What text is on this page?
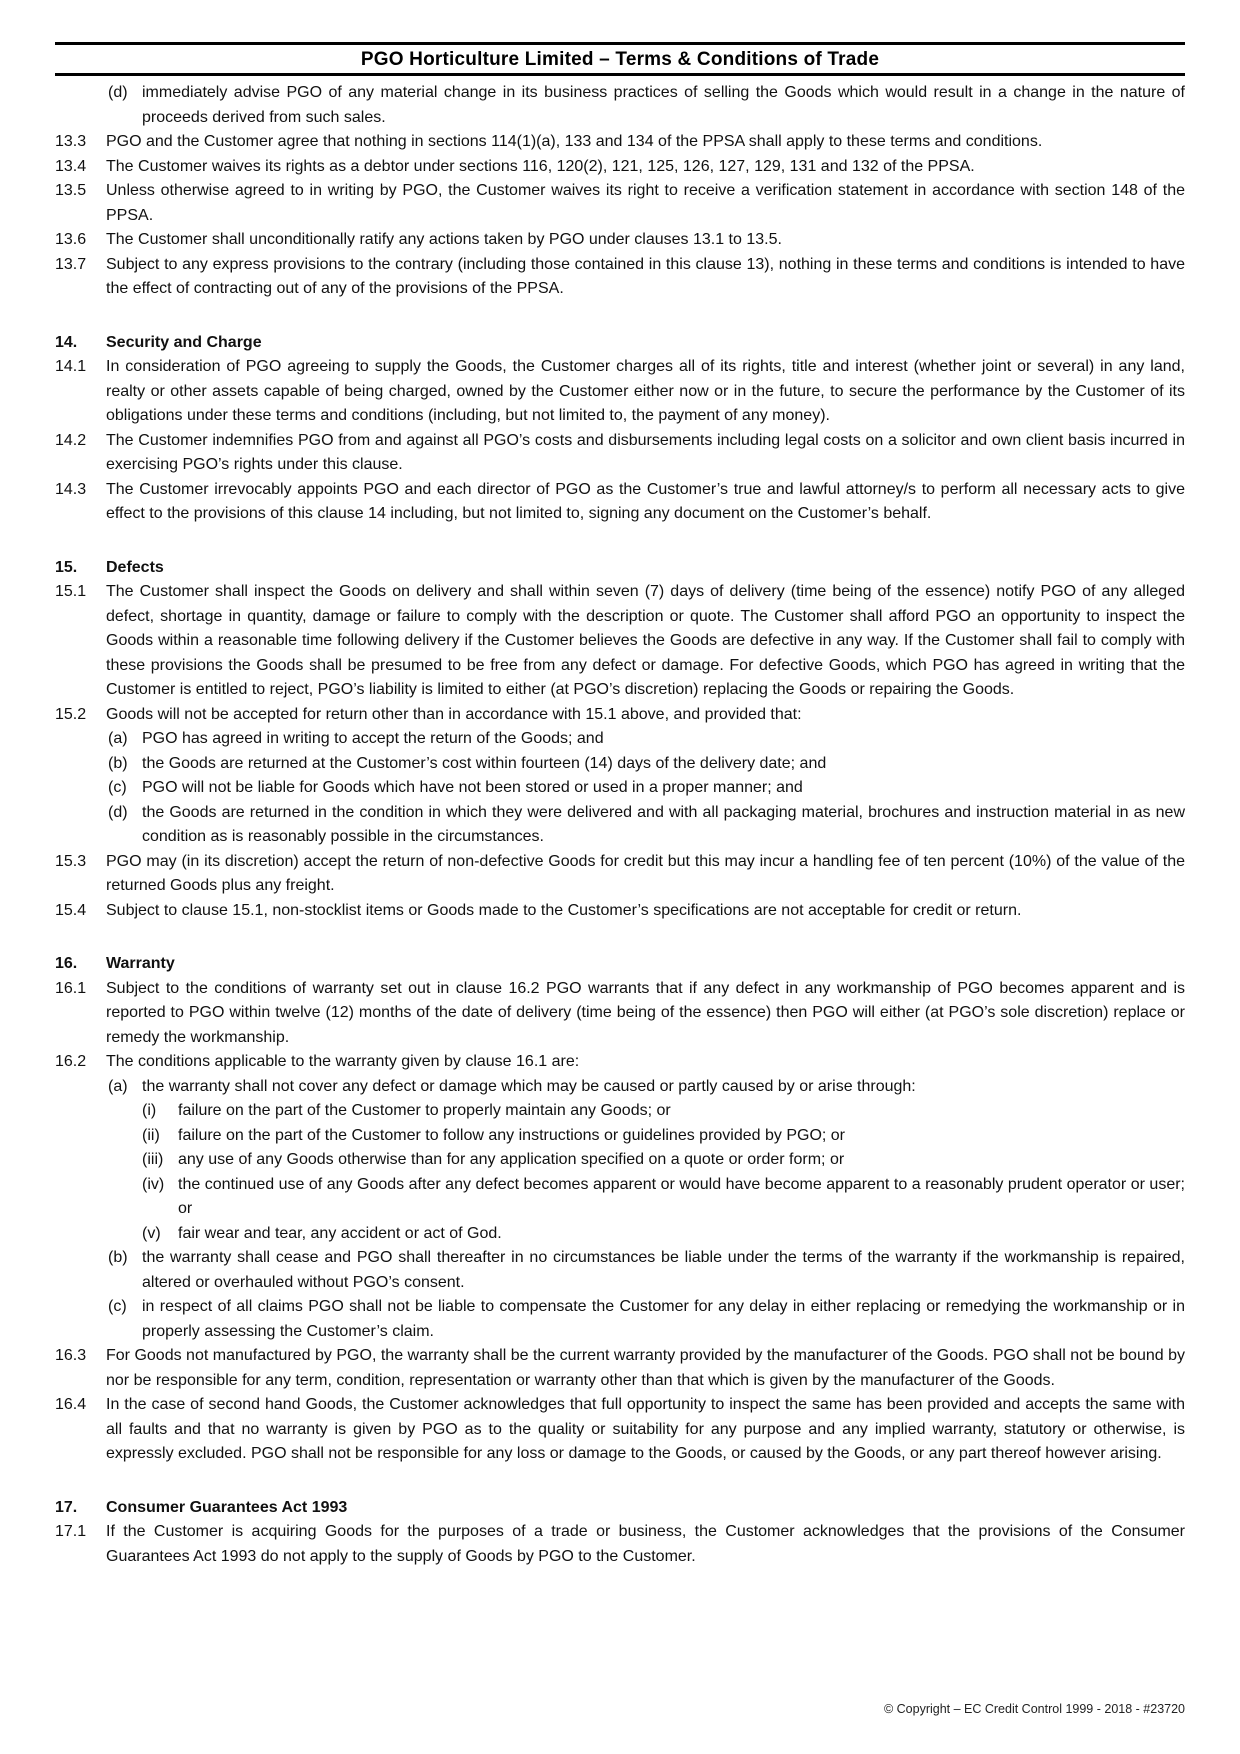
PGO Horticulture Limited – Terms & Conditions of Trade
(d) immediately advise PGO of any material change in its business practices of selling the Goods which would result in a change in the nature of proceeds derived from such sales.

13.3	PGO and the Customer agree that nothing in sections 114(1)(a), 133 and 134 of the PPSA shall apply to these terms and conditions.

13.4	The Customer waives its rights as a debtor under sections 116, 120(2), 121, 125, 126, 127, 129, 131 and 132 of the PPSA.

13.5	Unless otherwise agreed to in writing by PGO, the Customer waives its right to receive a verification statement in accordance with section 148 of the PPSA.

13.6	The Customer shall unconditionally ratify any actions taken by PGO under clauses 13.1 to 13.5.

13.7	Subject to any express provisions to the contrary (including those contained in this clause 13), nothing in these terms and conditions is intended to have the effect of contracting out of any of the provisions of the PPSA.

14.	Security and Charge

14.1	In consideration of PGO agreeing to supply the Goods, the Customer charges all of its rights, title and interest (whether joint or several) in any land, realty or other assets capable of being charged, owned by the Customer either now or in the future, to secure the performance by the Customer of its obligations under these terms and conditions (including, but not limited to, the payment of any money).

14.2	The Customer indemnifies PGO from and against all PGO’s costs and disbursements including legal costs on a solicitor and own client basis incurred in exercising PGO’s rights under this clause.

14.3	The Customer irrevocably appoints PGO and each director of PGO as the Customer’s true and lawful attorney/s to perform all necessary acts to give effect to the provisions of this clause 14 including, but not limited to, signing any document on the Customer’s behalf.

15.	Defects

15.1	The Customer shall inspect the Goods on delivery and shall within seven (7) days of delivery (time being of the essence) notify PGO of any alleged defect, shortage in quantity, damage or failure to comply with the description or quote. The Customer shall afford PGO an opportunity to inspect the Goods within a reasonable time following delivery if the Customer believes the Goods are defective in any way. If the Customer shall fail to comply with these provisions the Goods shall be presumed to be free from any defect or damage. For defective Goods, which PGO has agreed in writing that the Customer is entitled to reject, PGO’s liability is limited to either (at PGO’s discretion) replacing the Goods or repairing the Goods.

15.2	Goods will not be accepted for return other than in accordance with 15.1 above, and provided that:

(a) PGO has agreed in writing to accept the return of the Goods; and

(b) the Goods are returned at the Customer’s cost within fourteen (14) days of the delivery date; and

(c) PGO will not be liable for Goods which have not been stored or used in a proper manner; and

(d) the Goods are returned in the condition in which they were delivered and with all packaging material, brochures and instruction material in as new condition as is reasonably possible in the circumstances.

15.3	PGO may (in its discretion) accept the return of non-defective Goods for credit but this may incur a handling fee of ten percent (10%) of the value of the returned Goods plus any freight.

15.4	Subject to clause 15.1, non-stocklist items or Goods made to the Customer’s specifications are not acceptable for credit or return.

16.	Warranty

16.1	Subject to the conditions of warranty set out in clause 16.2 PGO warrants that if any defect in any workmanship of PGO becomes apparent and is reported to PGO within twelve (12) months of the date of delivery (time being of the essence) then PGO will either (at PGO’s sole discretion) replace or remedy the workmanship.

16.2	The conditions applicable to the warranty given by clause 16.1 are:

(a) the warranty shall not cover any defect or damage which may be caused or partly caused by or arise through:

(i)	failure on the part of the Customer to properly maintain any Goods; or

(ii)	failure on the part of the Customer to follow any instructions or guidelines provided by PGO; or

(iii) any use of any Goods otherwise than for any application specified on a quote or order form; or

(iv) the continued use of any Goods after any defect becomes apparent or would have become apparent to a reasonably prudent operator or user; or

(v)	fair wear and tear, any accident or act of God.

(b) the warranty shall cease and PGO shall thereafter in no circumstances be liable under the terms of the warranty if the workmanship is repaired, altered or overhauled without PGO’s consent.

(c) in respect of all claims PGO shall not be liable to compensate the Customer for any delay in either replacing or remedying the workmanship or in properly assessing the Customer’s claim.

16.3	For Goods not manufactured by PGO, the warranty shall be the current warranty provided by the manufacturer of the Goods. PGO shall not be bound by nor be responsible for any term, condition, representation or warranty other than that which is given by the manufacturer of the Goods.

16.4	In the case of second hand Goods, the Customer acknowledges that full opportunity to inspect the same has been provided and accepts the same with all faults and that no warranty is given by PGO as to the quality or suitability for any purpose and any implied warranty, statutory or otherwise, is expressly excluded. PGO shall not be responsible for any loss or damage to the Goods, or caused by the Goods, or any part thereof however arising.

17.	Consumer Guarantees Act 1993

17.1	If the Customer is acquiring Goods for the purposes of a trade or business, the Customer acknowledges that the provisions of the Consumer Guarantees Act 1993 do not apply to the supply of Goods by PGO to the Customer.

© Copyright – EC Credit Control 1999 - 2018 - #23720
